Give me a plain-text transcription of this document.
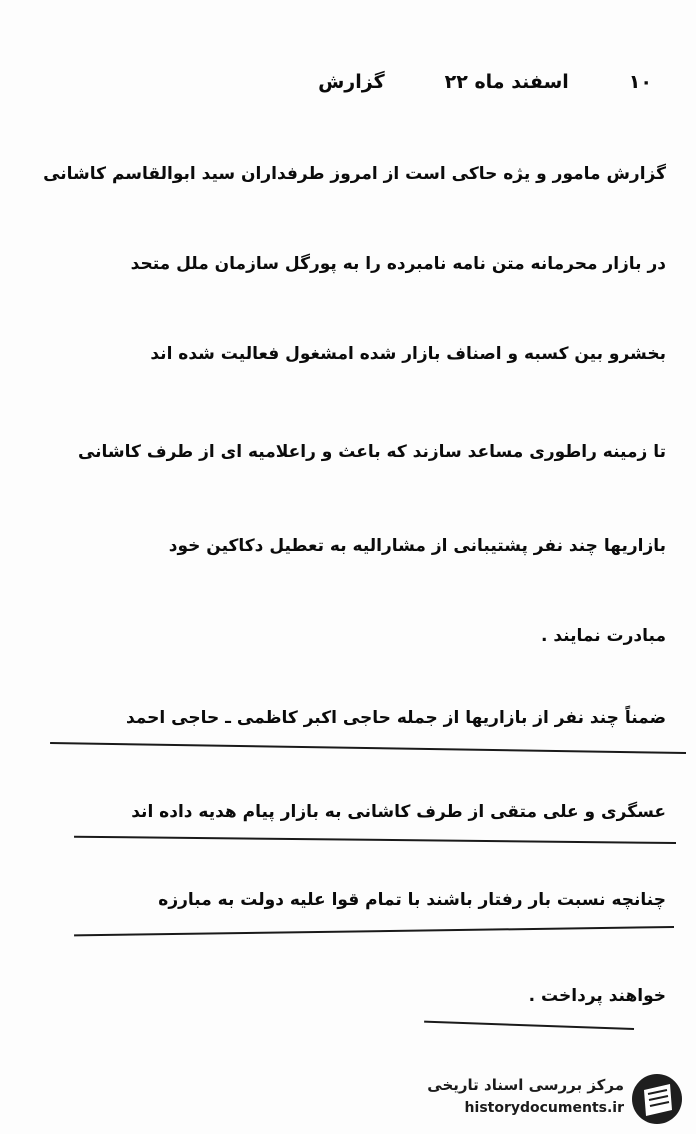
۱۰
اسفند ماه ۲۲
گزارش
گزارش مامور و یژه حاکی است از امروز طرفداران سید ابوالقاسم کاشانی
در بازار محرمانه متن نامه نامبرده را به پورگل سازمان ملل متحد
بخشرو بین کسبه و اصناف بازار شده امشغول فعالیت شده اند
تا زمینه راطوری مساعد سازند که باعث و راعلامیه ای از طرف کاشانی
بازاریها چند نفر پشتیبانی از مشارالیه به تعطیل دکاکین خود
مبادرت نمایند .
ضمناً چند نفر از بازاریها از جمله حاجی اکبر کاظمی ـ حاجی احمد
عسگری و علی متقی از طرف کاشانی به بازار پیام هدیه داده اند
چنانچه نسبت بار رفتار باشند با تمام قوا علیه دولت به مبارزه
خواهند پرداخت .
مرکز بررسی اسناد تاریخی
historydocuments.ir
